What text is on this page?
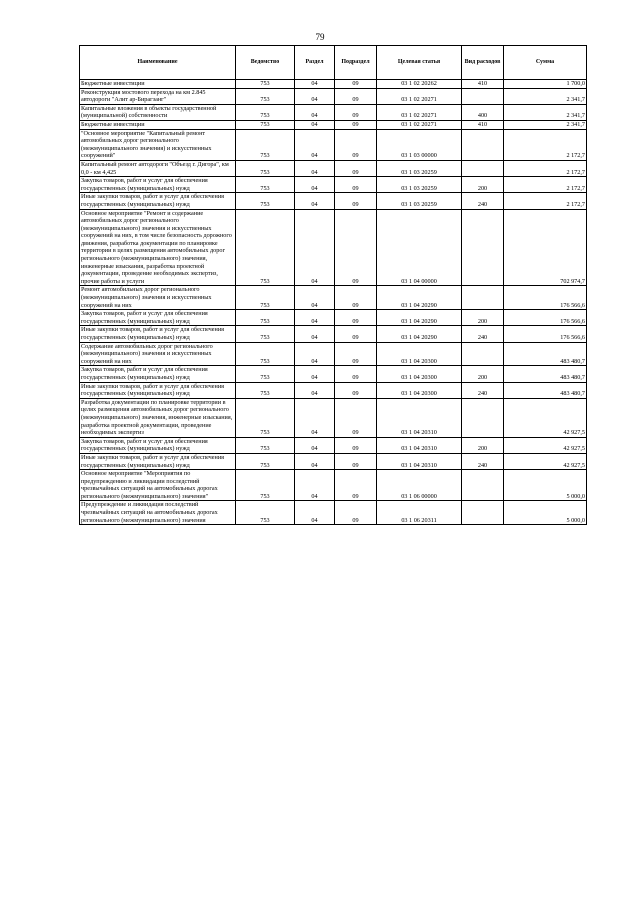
79
Наименование	Ведомство	Раздел	Подраздел	Целевая статья	Вид расходов	Сумма
Бюджетные инвестиции	753	04	09	03 1 02 20262	410	1 700,0
Реконструкция мостового перехода на км 2.845 автодороги "Алит ар-Бирагзанг"	753	04	09	03 1 02 20271		2 341,7
Капитальные вложения в объекты государственной (муниципальной) собственности	753	04	09	03 1 02 20271	400	2 341,7
Бюджетные инвестиции	753	04	09	03 1 02 20271	410	2 341,7
"Основное мероприятие "Капитальный ремонт автомобильных дорог регионального (межмуниципального значения) и искусственных сооружений"	753	04	09	03 1 03 00000		2 172,7
Капитальный ремонт автодороги "Объезд г. Дигора", км 0,0 - км 4,425	753	04	09	03 1 03 20259		2 172,7
Закупка товаров, работ и услуг для обеспечения государственных (муниципальных) нужд	753	04	09	03 1 03 20259	200	2 172,7
Иные закупки товаров, работ и услуг для обеспечения государственных (муниципальных) нужд	753	04	09	03 1 03 20259	240	2 172,7
Основное мероприятие "Ремонт и содержание автомобильных дорог регионального (межмуниципального) значения и искусственных сооружений на них, в том числе безопасность дорожного движения, разработка документации по планировке территории в целях размещения автомобильных дорог регионального (межмуниципального) значения, инженерные изыскания, разработка проектной документации, проведение необходимых экспертиз, прочие работы и услуги	753	04	09	03 1 04 00000		702 974,7
Ремонт автомобильных дорог регионального (межмуниципального) значения и искусственных сооружений на них	753	04	09	03 1 04 20290		176 566,6
Закупка товаров, работ и услуг для обеспечения государственных (муниципальных) нужд	753	04	09	03 1 04 20290	200	176 566,6
Иные закупки товаров, работ и услуг для обеспечения государственных (муниципальных) нужд	753	04	09	03 1 04 20290	240	176 566,6
Содержание автомобильных дорог регионального (межмуниципального) значения и искусственных сооружений на них	753	04	09	03 1 04 20300		483 480,7
Закупка товаров, работ и услуг для обеспечения государственных (муниципальных) нужд	753	04	09	03 1 04 20300	200	483 480,7
Иные закупки товаров, работ и услуг для обеспечения государственных (муниципальных) нужд	753	04	09	03 1 04 20300	240	483 480,7
Разработка документации по планировке территории в целях размещения автомобильных дорог регионального (межмуниципального) значения, инженерные изыскания, разработка проектной документации, проведение необходимых экспертиз	753	04	09	03 1 04 20310		42 927,5
Закупка товаров, работ и услуг для обеспечения государственных (муниципальных) нужд	753	04	09	03 1 04 20310	200	42 927,5
Иные закупки товаров, работ и услуг для обеспечения государственных (муниципальных) нужд	753	04	09	03 1 04 20310	240	42 927,5
Основное мероприятие "Мероприятия по предупреждению и ликвидации последствий чрезвычайных ситуаций на автомобильных дорогах регионального (межмуниципального) значения"	753	04	09	03 1 06 00000		5 000,0
Предупреждение и ликвидация последствий чрезвычайных ситуаций на автомобильных дорогах регионального (межмуниципального) значения	753	04	09	03 1 06 20311		5 000,0
